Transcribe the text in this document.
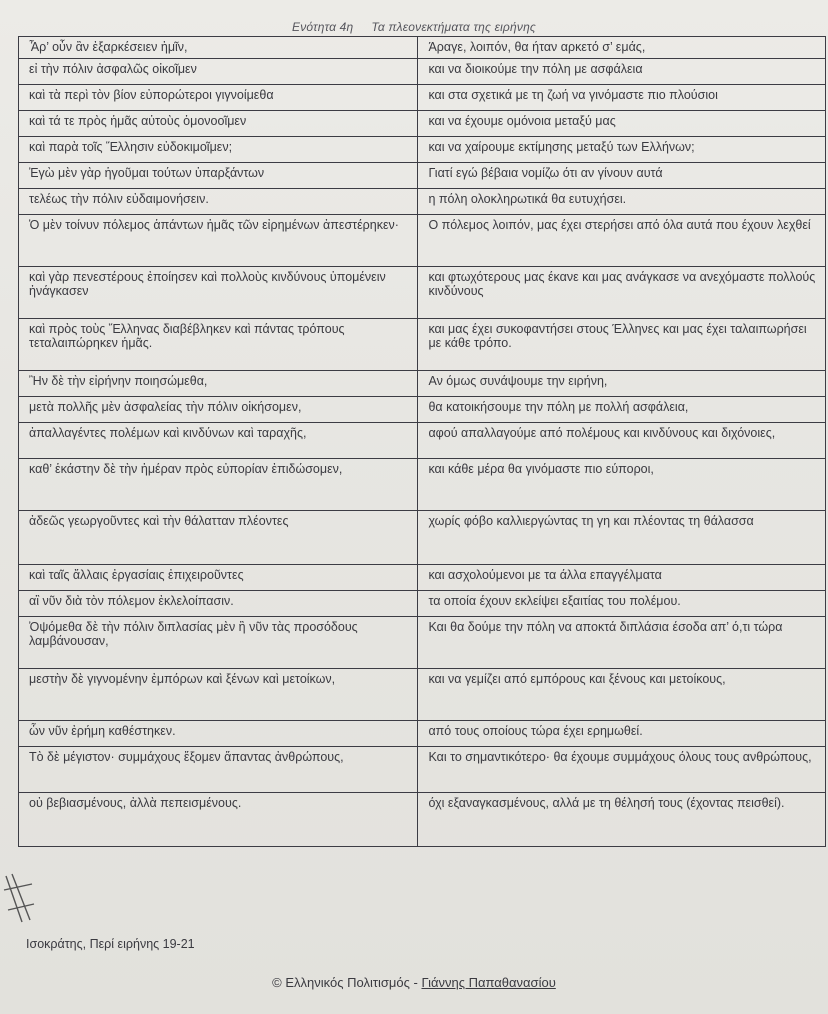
Ενότητα 4η Τα πλεονεκτήματα της ειρήνης
Ἆρ’ οὖν ἂν ἐξαρκέσειεν ἡμῖν,	Άραγε, λοιπόν, θα ήταν αρκετό σ’ εμάς,
εἰ τὴν πόλιν ἀσφαλῶς οἰκοῖμεν	και να διοικούμε την πόλη με ασφάλεια
καὶ τὰ περὶ τὸν βίον εὐπορώτεροι γιγνοίμεθα	και στα σχετικά με τη ζωή να γινόμαστε πιο πλούσιοι
καὶ τά τε πρὸς ἡμᾶς αὐτοὺς ὁμονοοῖμεν	και να έχουμε ομόνοια μεταξύ μας
καὶ παρὰ τοῖς Ἕλλησιν εὐδοκιμοῖμεν;	και να χαίρουμε εκτίμησης μεταξύ των Ελλήνων;
Ἐγὼ μὲν γὰρ ἡγοῦμαι τούτων ὑπαρξάντων	Γιατί εγώ βέβαια νομίζω ότι αν γίνουν αυτά
τελέως τὴν πόλιν εὐδαιμονήσειν.	η πόλη ολοκληρωτικά θα ευτυχήσει.
Ὁ μὲν τοίνυν πόλεμος ἁπάντων ἡμᾶς τῶν εἰρημένων ἀπεστέρηκεν·	Ο πόλεμος λοιπόν, μας έχει στερήσει από όλα αυτά που έχουν λεχθεί
καὶ γὰρ πενεστέρους ἐποίησεν καὶ πολλοὺς κινδύνους ὑπομένειν ἠνάγκασεν	και φτωχότερους μας έκανε και μας ανάγκασε να ανεχόμαστε πολλούς κινδύνους
καὶ πρὸς τοὺς Ἕλληνας διαβέβληκεν καὶ πάντας τρόπους τεταλαιπώρηκεν ἡμᾶς.	και μας έχει συκοφαντήσει στους Έλληνες και μας έχει ταλαιπωρήσει με κάθε τρόπο.
Ἢν δὲ τὴν εἰρήνην ποιησώμεθα,	Αν όμως συνάψουμε την ειρήνη,
μετὰ πολλῆς μὲν ἀσφαλείας τὴν πόλιν οἰκήσομεν,	θα κατοικήσουμε την πόλη με πολλή ασφάλεια,
ἀπαλλαγέντες πολέμων καὶ κινδύνων καὶ ταραχῆς,	αφού απαλλαγούμε από πολέμους και κινδύνους και διχόνοιες,
καθ’ ἑκάστην δὲ τὴν ἡμέραν πρὸς εὐπορίαν ἐπιδώσομεν,	και κάθε μέρα θα γινόμαστε πιο εύποροι,
ἀδεῶς γεωργοῦντες καὶ τὴν θάλατταν πλέοντες	χωρίς φόβο καλλιεργώντας τη γη και πλέοντας τη θάλασσα
καὶ ταῖς ἄλλαις ἐργασίαις ἐπιχειροῦντες	και ασχολούμενοι με τα άλλα επαγγέλματα
αἳ νῦν διὰ τὸν πόλεμον ἐκλελοίπασιν.	τα οποία έχουν εκλείψει εξαιτίας του πολέμου.
Ὀψόμεθα δὲ τὴν πόλιν διπλασίας μὲν ἢ νῦν τὰς προσόδους λαμβάνουσαν,	Και θα δούμε την πόλη να αποκτά διπλάσια έσοδα απ’ ό,τι τώρα
μεστὴν δὲ γιγνομένην ἐμπόρων καὶ ξένων καὶ μετοίκων,	και να γεμίζει από εμπόρους και ξένους και μετοίκους,
ὧν νῦν ἐρήμη καθέστηκεν.	από τους οποίους τώρα έχει ερημωθεί.
Τὸ δὲ μέγιστον· συμμάχους ἕξομεν ἅπαντας ἀνθρώπους,	Και το σημαντικότερο· θα έχουμε συμμάχους όλους τους ανθρώπους,
οὐ βεβιασμένους, ἀλλὰ πεπεισμένους.	όχι εξαναγκασμένους, αλλά με τη θέλησή τους (έχοντας πεισθεί).
Ισοκράτης, Περί ειρήνης 19-21
© Ελληνικός Πολιτισμός - Γιάννης Παπαθανασίου
